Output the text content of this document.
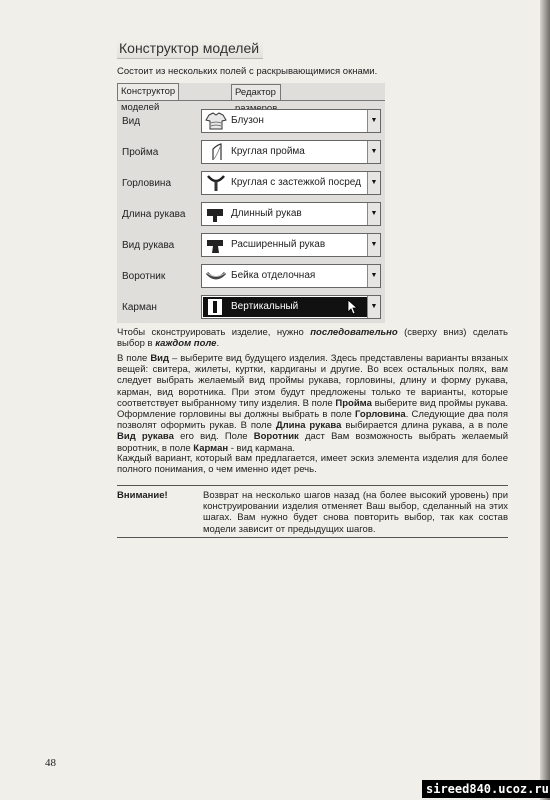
Конструктор моделей
Состоит из нескольких полей с раскрывающимися окнами.
Конструктор моделей
Редактор
Вид	Блузон	▼
Пройма	Круглая пройма	▼
Горловина	Круглая с застежкой посред	▼
Длина рукава	Длинный рукав	▼
Вид рукава	Расширенный рукав	▼
Воротник	Бейка отделочная	▼
Карман	Вертикальный	▼
Чтобы сконструировать изделие, нужно последовательно (сверху вниз) сделать выбор в каждом поле.
В поле Вид – выберите вид будущего изделия. Здесь представлены варианты вязаных вещей: свитера, жилеты, куртки, кардиганы и другие. Во всех остальных полях, вам следует выбрать желаемый вид проймы рукава, горловины, длину и форму рукава, карман, вид воротника. При этом будут предложены только те варианты, которые соответствует выбранному типу изделия. В поле Пройма выберите вид проймы рукава. Оформление горловины вы должны выбрать в поле Горловина. Следующие два поля позволят оформить рукав. В поле Длина рукава выбирается длина рукава, а в поле Вид рукава его вид. Поле Воротник даст Вам возможность выбрать желаемый воротник, в поле Карман - вид кармана.
Каждый вариант, который вам предлагается, имеет эскиз элемента изделия для более полного понимания, о чем именно идет речь.
Внимание!	Возврат на несколько шагов назад (на более высокий уровень) при конструировании изделия отменяет Ваш выбор, сделанный на этих шагах. Вам нужно будет снова повторить выбор, так как состав модели зависит от предыдущих шагов.
48
sireed840.ucoz.ru
